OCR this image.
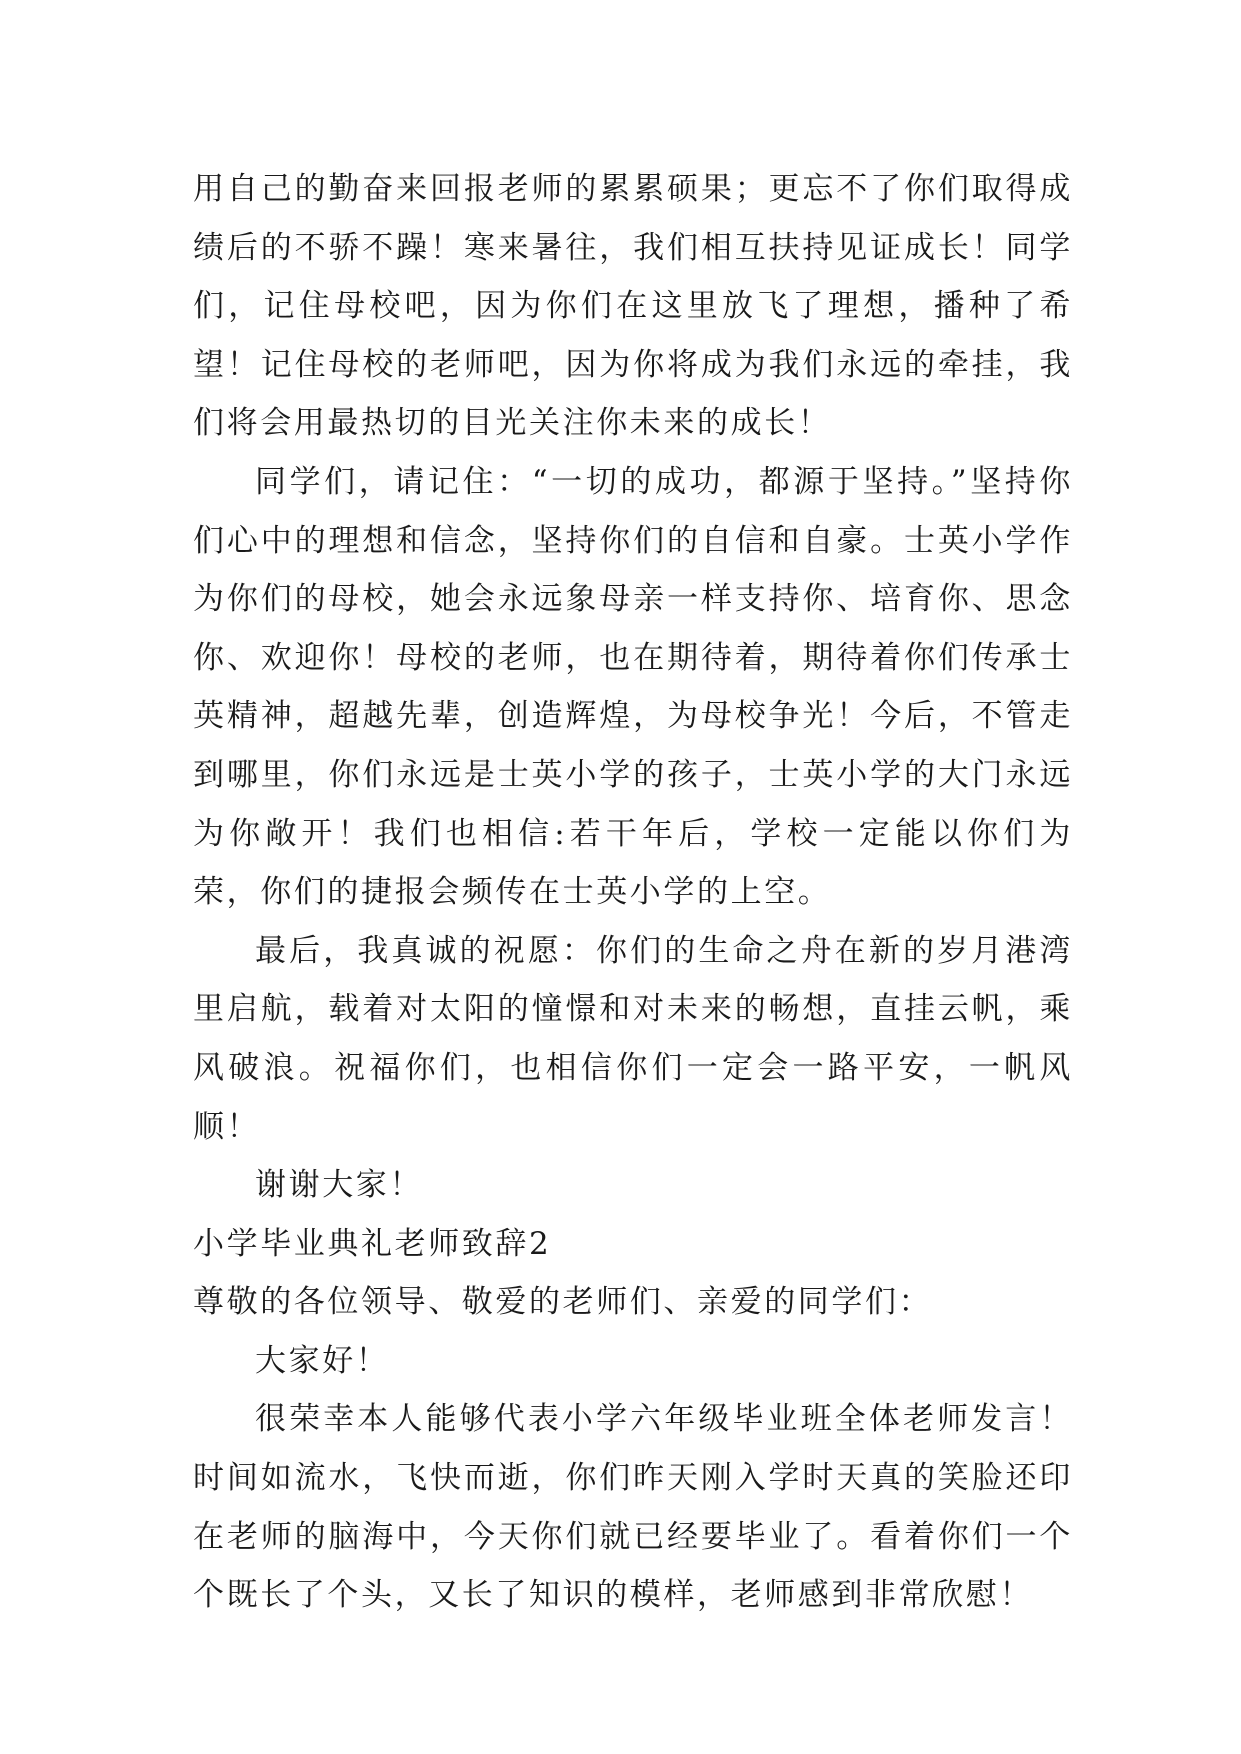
用自己的勤奋来回报老师的累累硕果；更忘不了你们取得成绩后的不骄不躁！寒来暑往，我们相互扶持见证成长！同学们，记住母校吧，因为你们在这里放飞了理想，播种了希望！记住母校的老师吧，因为你将成为我们永远的牵挂，我们将会用最热切的目光关注你未来的成长！

同学们，请记住：“一切的成功，都源于坚持。”坚持你们心中的理想和信念，坚持你们的自信和自豪。士英小学作为你们的母校，她会永远象母亲一样支持你、培育你、思念你、欢迎你！母校的老师，也在期待着，期待着你们传承士英精神，超越先辈，创造辉煌，为母校争光！今后，不管走到哪里，你们永远是士英小学的孩子，士英小学的大门永远为你敞开！我们也相信:若干年后，学校一定能以你们为荣，你们的捷报会频传在士英小学的上空。

最后，我真诚的祝愿：你们的生命之舟在新的岁月港湾里启航，载着对太阳的憧憬和对未来的畅想，直挂云帆，乘风破浪。祝福你们，也相信你们一定会一路平安，一帆风顺！

谢谢大家！

小学毕业典礼老师致辞2

尊敬的各位领导、敬爱的老师们、亲爱的同学们：

大家好！

很荣幸本人能够代表小学六年级毕业班全体老师发言！时间如流水，飞快而逝，你们昨天刚入学时天真的笑脸还印在老师的脑海中，今天你们就已经要毕业了。看着你们一个个既长了个头，又长了知识的模样，老师感到非常欣慰！
